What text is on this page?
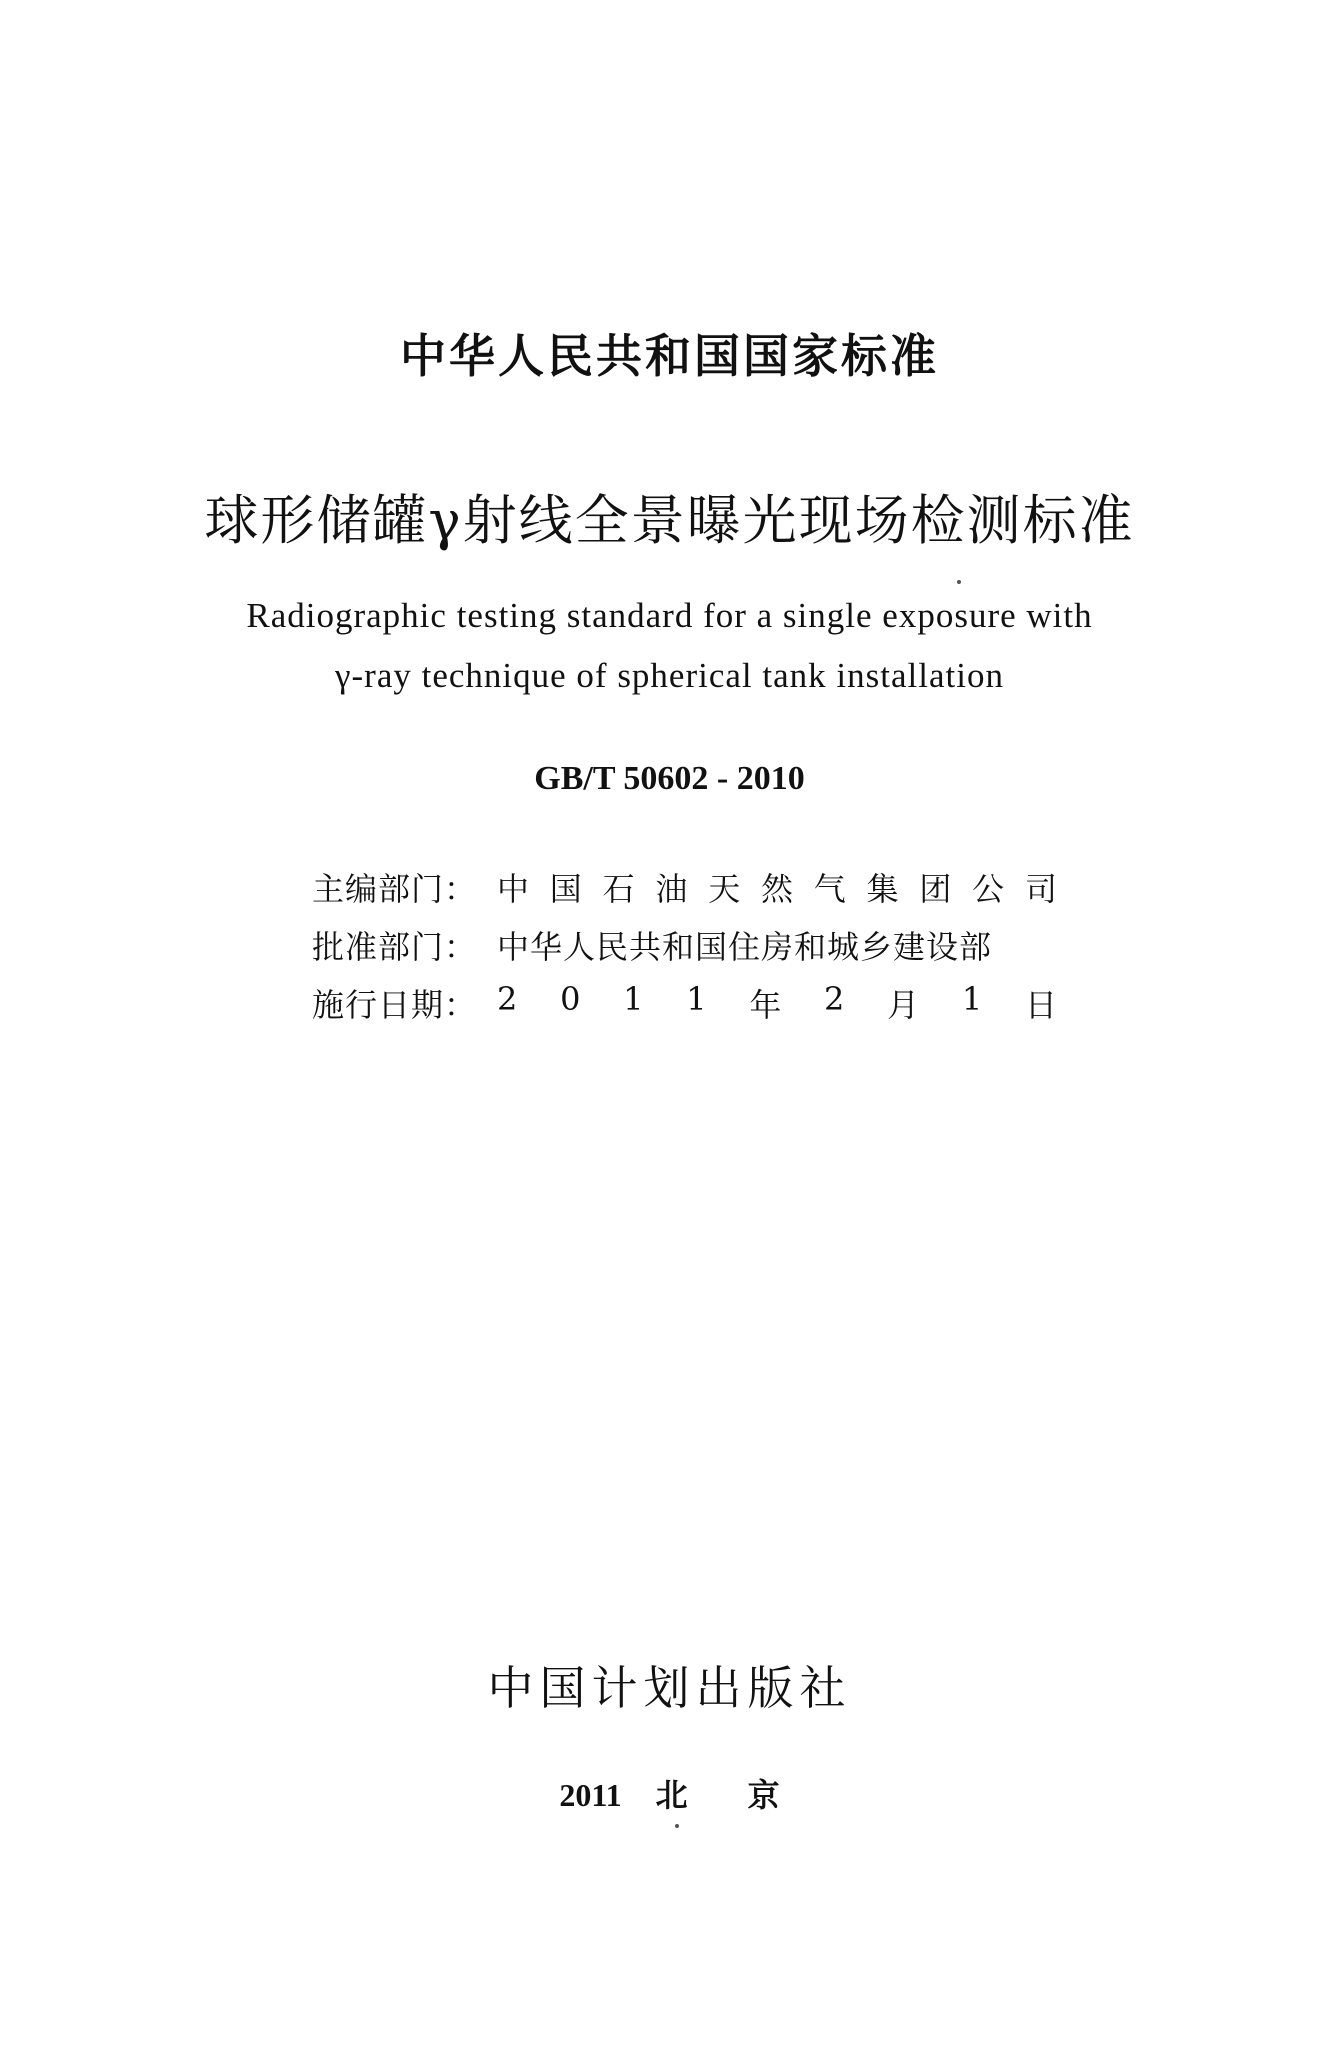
中华人民共和国国家标准
球形储罐γ射线全景曝光现场检测标准
Radiographic testing standard for a single exposure with
γ-ray technique of spherical tank installation
GB/T 50602 - 2010
主编部门： 中 国 石 油 天 然 气 集 团 公 司
批准部门： 中华人民共和国住房和城乡建设部
施行日期： 2 0 1 1 年 2 月 1 日
中国计划出版社
2011 北京
